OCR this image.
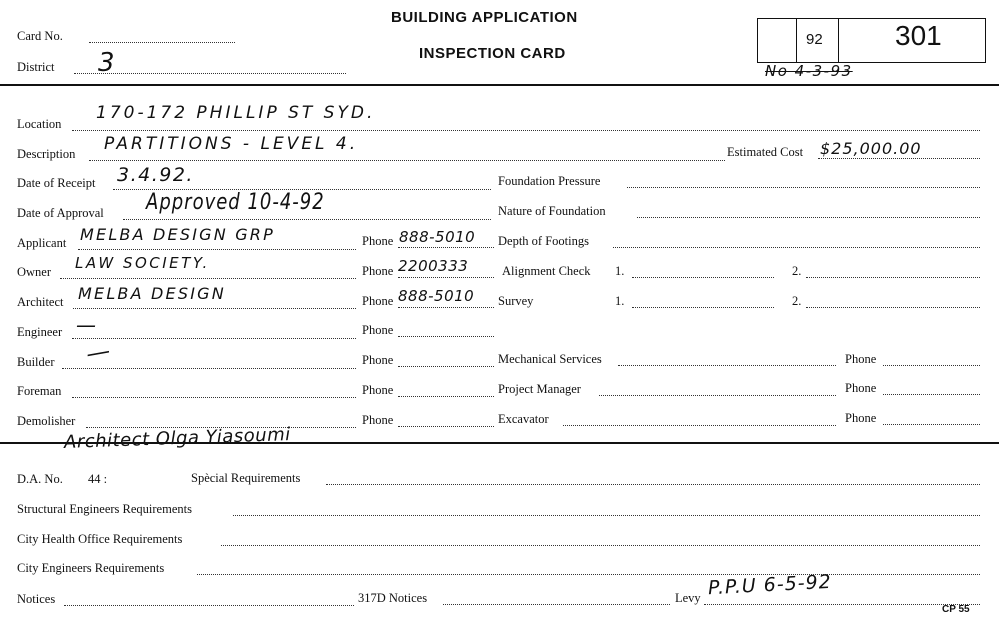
Card No.
District 3
BUILDING APPLICATION
INSPECTION CARD
92	301
No 4-3-93
Location
170-172 PHILLIP ST SYD.
Description PARTITIONS - LEVEL 4.	Estimated Cost $25,000.00
Date of Receipt 3.4.92.	Foundation Pressure
Date of Approval Approved 10-4-92	Nature of Foundation
Applicant MELBA DESIGN GRP	Phone 888-5010 Depth of Footings
Owner LAW SOCIETY.	Phone 2200333	Alignment Check 1.	2.
Architect MELBA DESIGN	Phone 888-5010 Survey	1.	2.
Engineer —	Phone
Builder —	Phone	Mechanical Services	Phone
Foreman	Phone	Project Manager	Phone
Demolisher	Phone	Excavator	Phone
Architect Olga Yiasoumi
D.A. No. 44 :	Spècial Requirements
Structural Engineers Requirements
City Health Office Requirements
City Engineers Requirements
Notices	317D Notices	Levy P.P.U 6-5-92
CP 55
